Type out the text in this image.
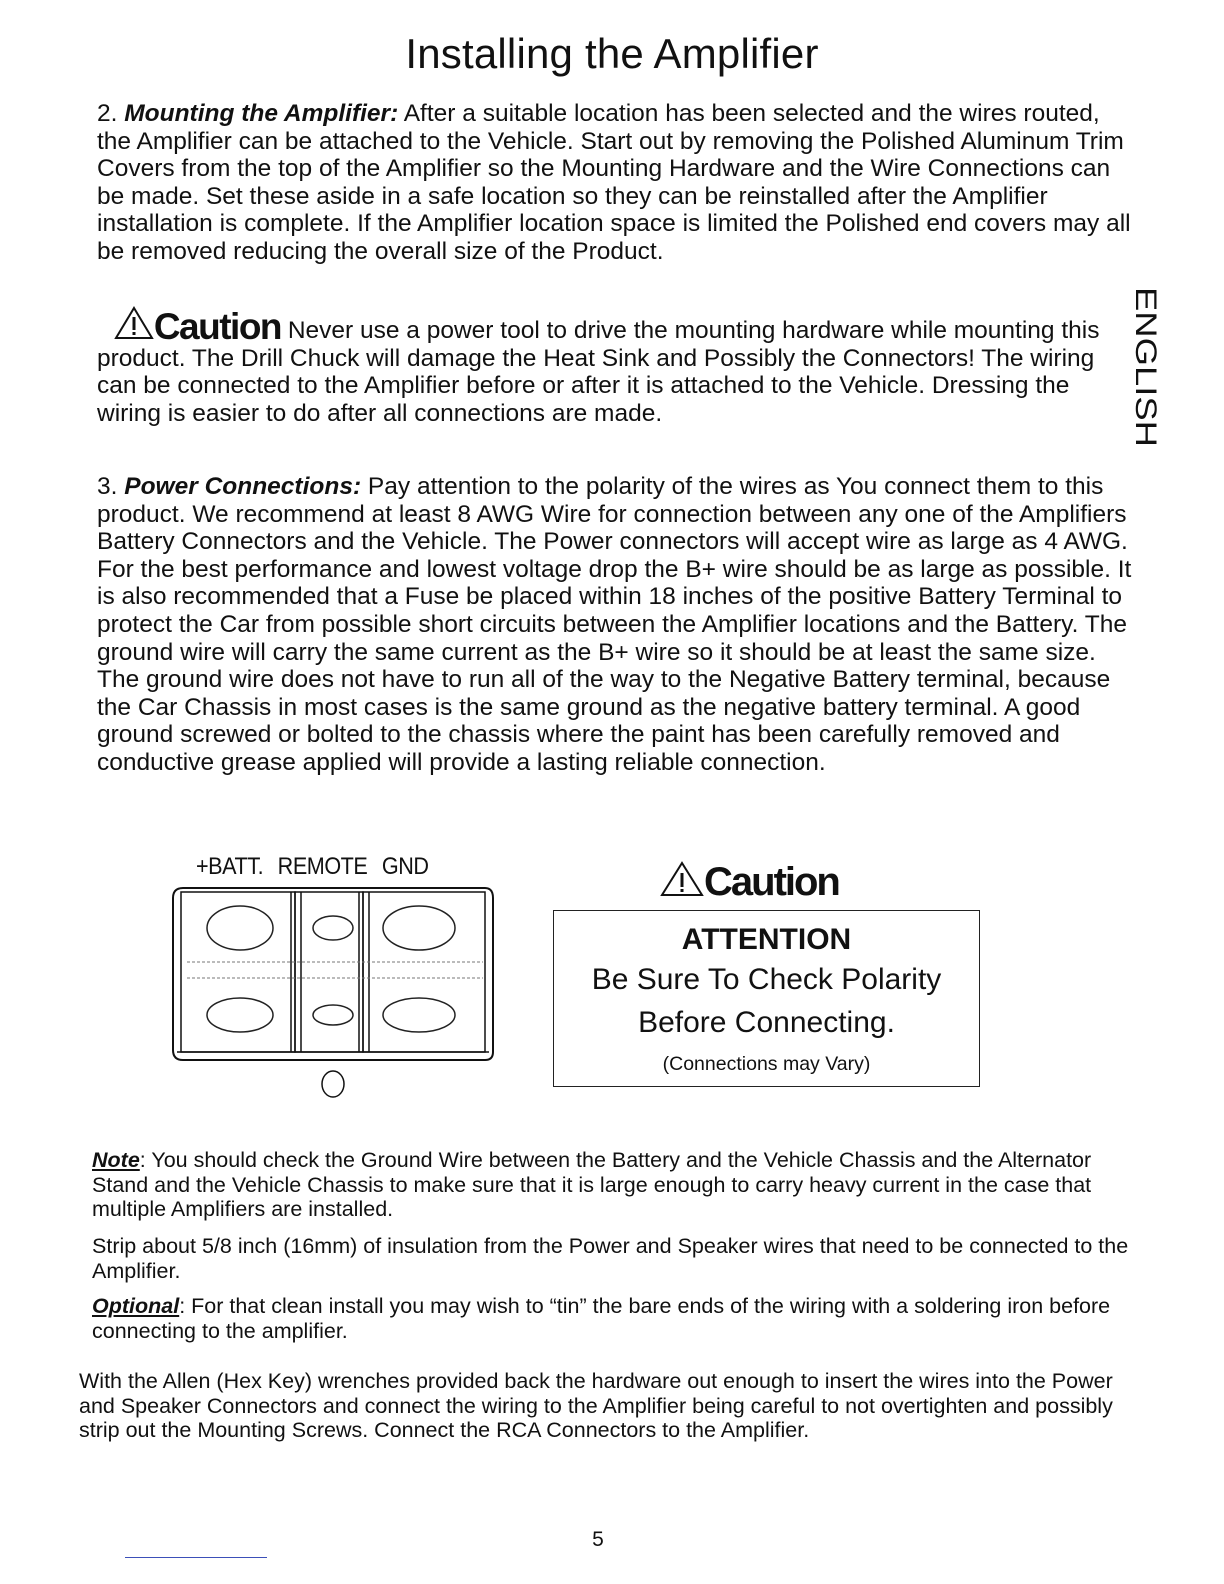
Installing the Amplifier
ENGLISH
2. Mounting the Amplifier: After a suitable location has been selected and the wires routed, the Amplifier can be attached to the Vehicle. Start out by removing the Polished Aluminum Trim Covers from the top of the Amplifier so the Mounting Hardware and the Wire Connections can be made. Set these aside in a safe location so they can be reinstalled after the Amplifier installation is complete. If the Amplifier location space is limited the Polished end covers may all be removed reducing the overall size of the Product.
Caution Never use a power tool to drive the mounting hardware while mounting this product. The Drill Chuck will damage the Heat Sink and Possibly the Connectors! The wiring can be connected to the Amplifier before or after it is attached to the Vehicle. Dressing the wiring is easier to do after all connections are made.
3. Power Connections: Pay attention to the polarity of the wires as You connect them to this product. We recommend at least 8 AWG Wire for connection between any one of the Amplifiers Battery Connectors and the Vehicle. The Power connectors will accept wire as large as 4 AWG. For the best performance and lowest voltage drop the B+ wire should be as large as possible. It is also recommended that a Fuse be placed within 18 inches of the positive Battery Terminal to protect the Car from possible short circuits between the Amplifier locations and the Battery. The ground wire will carry the same current as the B+ wire so it should be at least the same size. The ground wire does not have to run all of the way to the Negative Battery terminal, because the Car Chassis in most cases is the same ground as the negative battery terminal. A good ground screwed or bolted to the chassis where the paint has been carefully removed and conductive grease applied will provide a lasting reliable connection.
+BATT. REMOTE GND	Caution
ATTENTION
Be Sure To Check Polarity
Before Connecting.
(Connections may Vary)
Note: You should check the Ground Wire between the Battery and the Vehicle Chassis and the Alternator Stand and the Vehicle Chassis to make sure that it is large enough to carry heavy current in the case that multiple Amplifiers are installed.
Strip about 5/8 inch (16mm) of insulation from the Power and Speaker wires that need to be connected to the Amplifier.
Optional: For that clean install you may wish to “tin” the bare ends of the wiring with a soldering iron before connecting to the amplifier.
With the Allen (Hex Key) wrenches provided back the hardware out enough to insert the wires into the Power and Speaker Connectors and connect the wiring to the Amplifier being careful to not overtighten and possibly strip out the Mounting Screws. Connect the RCA Connectors to the Amplifier.
5
